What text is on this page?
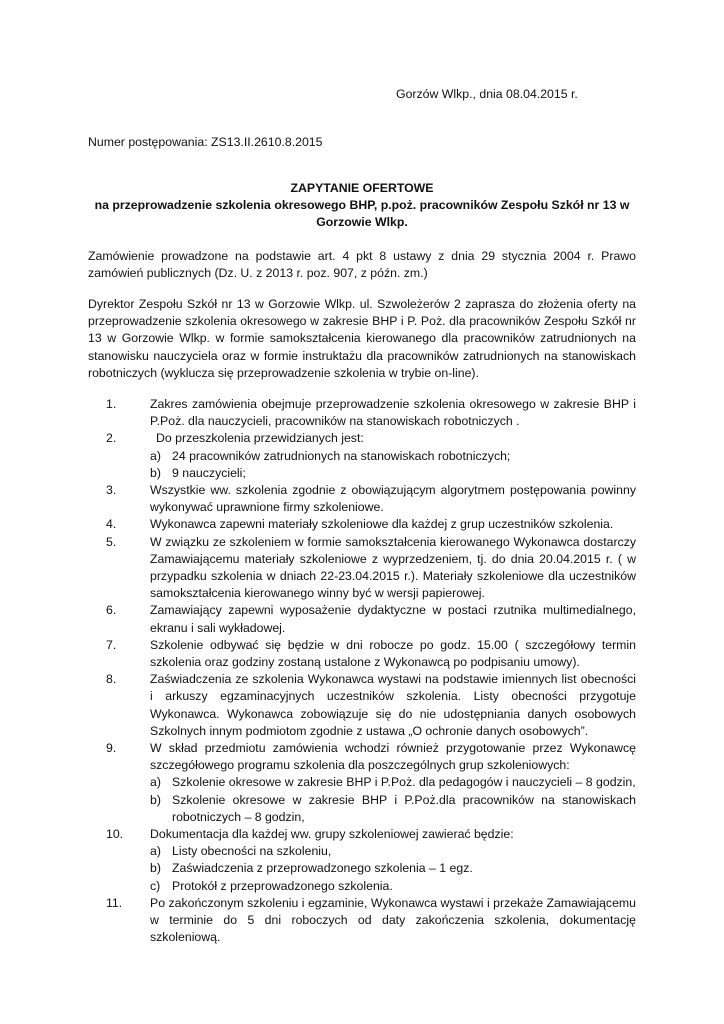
Gorzów Wlkp., dnia 08.04.2015 r.
Numer postępowania: ZS13.II.2610.8.2015
ZAPYTANIE OFERTOWE
na przeprowadzenie szkolenia okresowego BHP, p.poż. pracowników Zespołu Szkół nr 13 w Gorzowie Wlkp.
Zamówienie prowadzone na podstawie art. 4 pkt 8 ustawy z dnia 29 stycznia 2004 r. Prawo zamówień publicznych (Dz. U. z 2013 r. poz. 907, z późn. zm.)
Dyrektor Zespołu Szkół nr 13 w Gorzowie Wlkp. ul. Szwoleżerów 2 zaprasza do złożenia oferty na przeprowadzenie szkolenia okresowego w zakresie BHP i P. Poż. dla pracowników Zespołu Szkół nr 13 w Gorzowie Wlkp. w formie samokształcenia kierowanego dla pracowników zatrudnionych na stanowisku nauczyciela oraz w formie instruktażu dla pracowników zatrudnionych na stanowiskach robotniczych (wyklucza się przeprowadzenie szkolenia w trybie on-line).
1.	Zakres zamówienia obejmuje przeprowadzenie szkolenia okresowego w zakresie BHP i P.Poż. dla nauczycieli, pracowników na stanowiskach robotniczych .
2.	Do przeszkolenia przewidzianych jest:
a) 24 pracowników zatrudnionych na stanowiskach robotniczych;
b) 9 nauczycieli;
3.	Wszystkie ww. szkolenia zgodnie z obowiązującym algorytmem postępowania powinny wykonywać uprawnione firmy szkoleniowe.
4.	Wykonawca zapewni materiały szkoleniowe dla każdej z grup uczestników szkolenia.
5.	W związku ze szkoleniem w formie samokształcenia kierowanego Wykonawca dostarczy Zamawiającemu materiały szkoleniowe z wyprzedzeniem, tj. do dnia 20.04.2015 r. ( w przypadku szkolenia w dniach 22-23.04.2015 r.). Materiały szkoleniowe dla uczestników samokształcenia kierowanego winny być w wersji papierowej.
6.	Zamawiający zapewni wyposażenie dydaktyczne w postaci rzutnika multimedialnego, ekranu i sali wykładowej.
7.	Szkolenie odbywać się będzie w dni robocze po godz. 15.00 ( szczegółowy termin szkolenia oraz godziny zostaną ustalone z Wykonawcą po podpisaniu umowy).
8.	Zaświadczenia ze szkolenia Wykonawca wystawi na podstawie imiennych list obecności i arkuszy egzaminacyjnych uczestników szkolenia. Listy obecności przygotuje Wykonawca. Wykonawca zobowiązuje się do nie udostępniania danych osobowych Szkolnych innym podmiotom zgodnie z ustawa „O ochronie danych osobowych”.
9.	W skład przedmiotu zamówienia wchodzi również przygotowanie przez Wykonawcę szczegółowego programu szkolenia dla poszczególnych grup szkoleniowych:
a) Szkolenie okresowe w zakresie BHP i P.Poż. dla pedagogów i nauczycieli – 8 godzin,
b) Szkolenie okresowe w zakresie BHP i P.Poż.dla pracowników na stanowiskach robotniczych – 8 godzin,
10.	Dokumentacja dla każdej ww. grupy szkoleniowej zawierać będzie:
a) Listy obecności na szkoleniu,
b) Zaświadczenia z przeprowadzonego szkolenia – 1 egz.
c) Protokół z przeprowadzonego szkolenia.
11.	Po zakończonym szkoleniu i egzaminie, Wykonawca wystawi i przekaże Zamawiającemu w terminie do 5 dni roboczych od daty zakończenia szkolenia, dokumentację szkoleniową.
